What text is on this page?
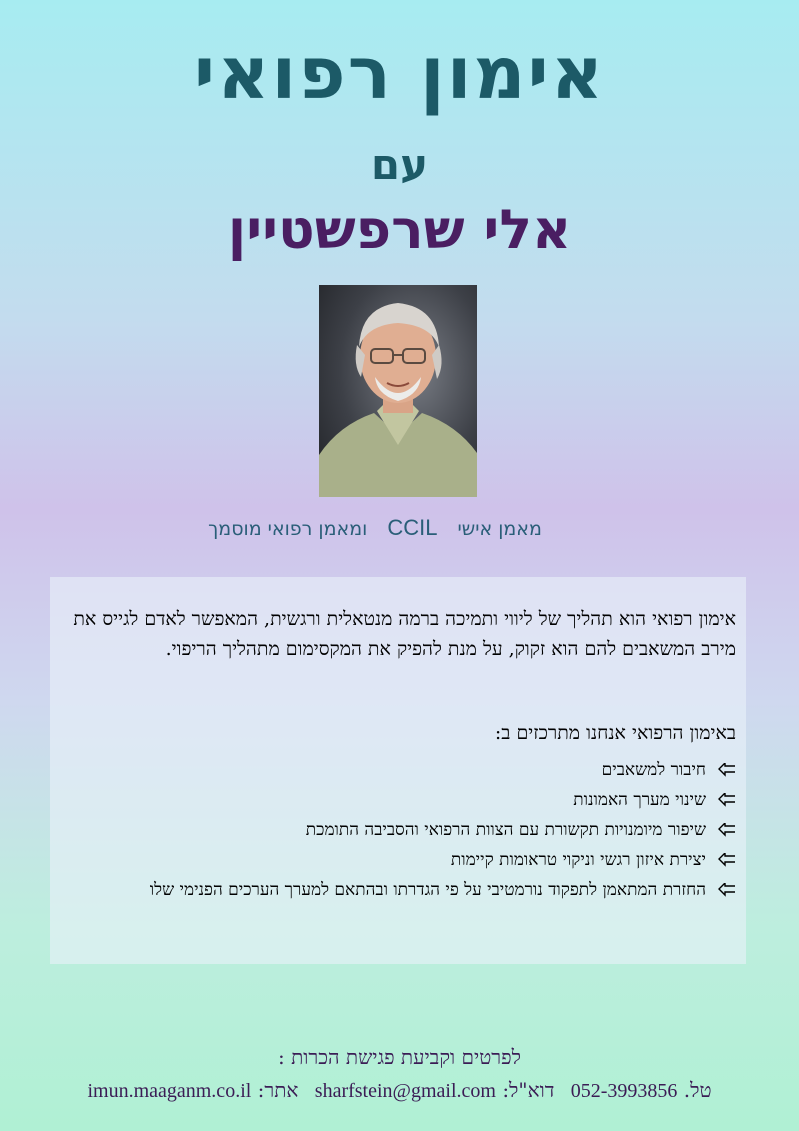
אימון רפואי
עם
אלי שרפשטיין
מאמן אישי CCIL ומאמן רפואי מוסמך

אימון רפואי הוא תהליך של ליווי ותמיכה ברמה מנטאלית ורגשית, המאפשר לאדם לגייס את מירב המשאבים להם הוא זקוק, על מנת להפיק את המקסימום מתהליך הריפוי.

באימון הרפואי אנחנו מתרכזים ב:

חיבור למשאבים
שינוי מערך האמונות
שיפור מיומנויות תקשורת עם הצוות הרפואי והסביבה התומכת
יצירת איזון רגשי וניקוי טראומות קיימות
החזרת המתאמן לתפקוד נורמטיבי על פי הגדרתו ובהתאם למערך הערכים הפנימי שלו

לפרטים וקביעת פגישת הכרות :

טל. 052-3993856 דוא"ל: sharfstein@gmail.com אתר: imun.maaganm.co.il
